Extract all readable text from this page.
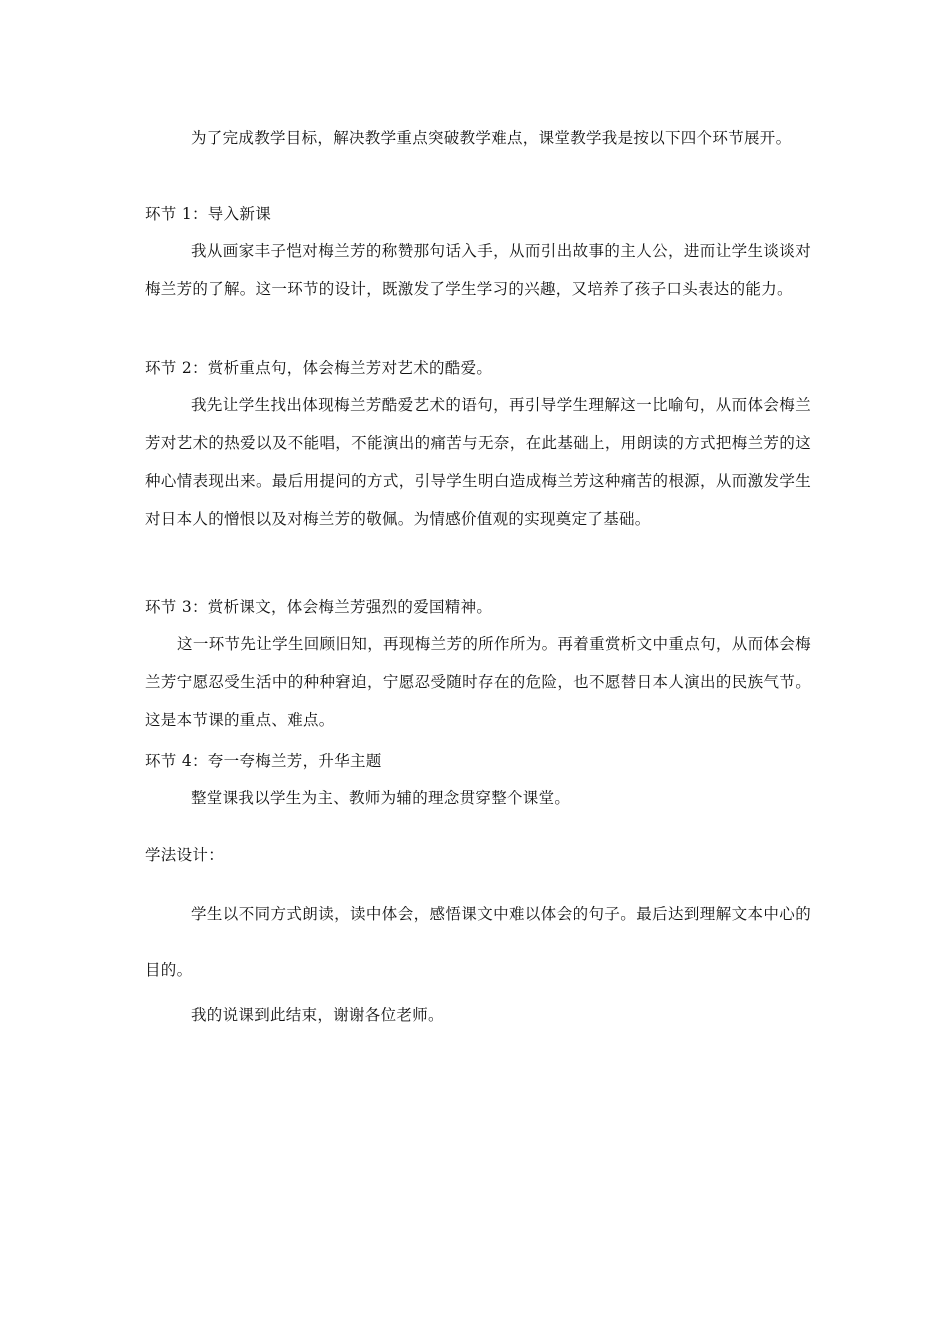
为了完成教学目标，解决教学重点突破教学难点，课堂教学我是按以下四个环节展开。

环节 1：导入新课

我从画家丰子恺对梅兰芳的称赞那句话入手，从而引出故事的主人公，进而让学生谈谈对梅兰芳的了解。这一环节的设计，既激发了学生学习的兴趣，又培养了孩子口头表达的能力。

环节 2：赏析重点句，体会梅兰芳对艺术的酷爱。

我先让学生找出体现梅兰芳酷爱艺术的语句，再引导学生理解这一比喻句，从而体会梅兰芳对艺术的热爱以及不能唱，不能演出的痛苦与无奈，在此基础上，用朗读的方式把梅兰芳的这种心情表现出来。最后用提问的方式，引导学生明白造成梅兰芳这种痛苦的根源，从而激发学生对日本人的憎恨以及对梅兰芳的敬佩。为情感价值观的实现奠定了基础。

环节 3：赏析课文，体会梅兰芳强烈的爱国精神。

这一环节先让学生回顾旧知，再现梅兰芳的所作所为。再着重赏析文中重点句，从而体会梅兰芳宁愿忍受生活中的种种窘迫，宁愿忍受随时存在的危险，也不愿替日本人演出的民族气节。这是本节课的重点、难点。

环节 4：夸一夸梅兰芳，升华主题

整堂课我以学生为主、教师为辅的理念贯穿整个课堂。

学法设计：

学生以不同方式朗读，读中体会，感悟课文中难以体会的句子。最后达到理解文本中心的目的。

我的说课到此结束，谢谢各位老师。
